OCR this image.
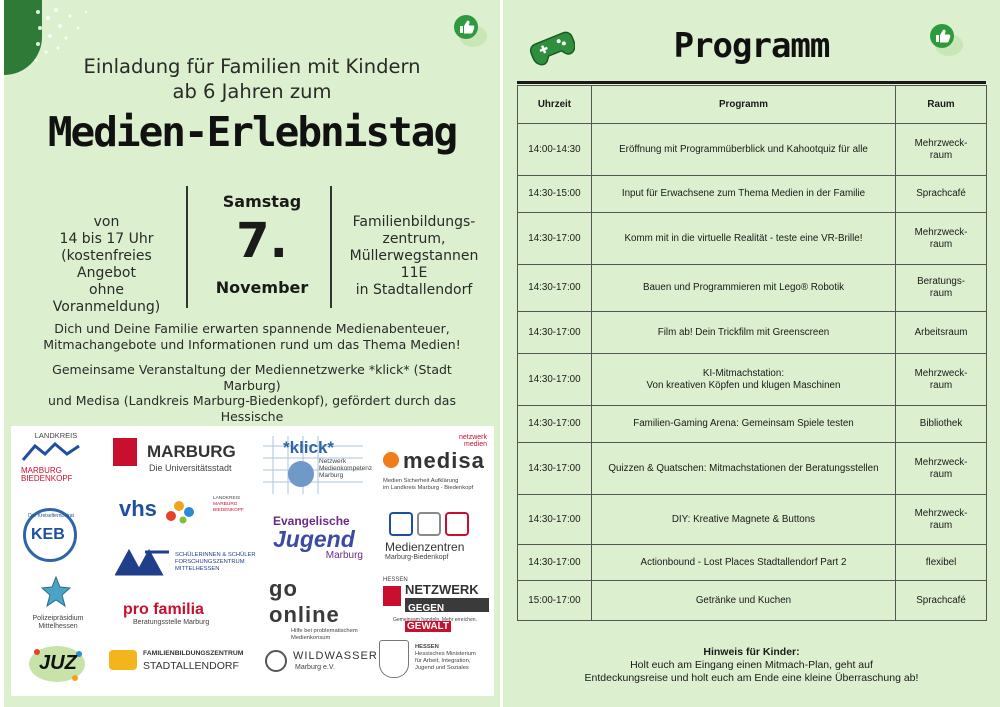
Einladung für Familien mit Kindern
ab 6 Jahren zum
Medien-Erlebnistag
von
14 bis 17 Uhr
(kostenfreies Angebot
ohne Voranmeldung)
Samstag
7.
November
Familienbildungs-
zentrum,
Müllerwegstannen 11E
in Stadtallendorf
Dich und Deine Familie erwarten spannende Medienabenteuer,
Mitmachangebote und Informationen rund um das Thema Medien!
Gemeinsame Veranstaltung der Mediennetzwerke *klick* (Stadt Marburg)
und Medisa (Landkreis Marburg-Biedenkopf), gefördert durch das Hessische
LANDKREIS
MARBURG
BIEDENKOPF
MARBURG
Die Universitätsstadt
*klick*
Netzwerk
Medienkompetenz
Marburg
netzwerk
medien
medisa
Medien Sicherheit Aufklärung
im Landkreis Marburg - Biedenkopf
KEB
Der Kreiselternbeirat vhs	LANDKREIS
MARBURG
BIEDENKOPF
Evangelische
Jugend
Marburg
Medienzentren
Marburg-Biedenkopf
SCHÜLERINNEN & SCHÜLER
FORSCHUNGSZENTRUM
MITTELHESSEN
Polizeipräsidium
Mittelhessen
pro familia
Beratungsstelle Marburg
go online
Hilfe bei problematischem
Medienkonsum
HESSEN
NETZWERK
GEGEN GEWALT
Gemeinsam handeln. Mehr erreichen.
JUZ	FAMILIENBILDUNGSZENTRUM
STADTALLENDORF
WILDWASSER
Marburg e.V.
HESSEN
Hessisches Ministerium
für Arbeit, Integration,
Jugend und Soziales
Programm
Uhrzeit	Programm	Raum
14:00-14:30	Eröffnung mit Programmüberblick und Kahootquiz für alle	Mehrzweck-
raum
14:30-15:00	Input für Erwachsene zum Thema Medien in der Familie	Sprachcafé
14:30-17:00	Komm mit in die virtuelle Realität - teste eine VR-Brille!	Mehrzweck-
raum
14:30-17:00	Bauen und Programmieren mit Lego® Robotik	Beratungs-
raum
14:30-17:00	Film ab! Dein Trickfilm mit Greenscreen	Arbeitsraum
14:30-17:00	KI-Mitmachstation:
Von kreativen Köpfen und klugen Maschinen	Mehrzweck-
raum
14:30-17:00	Familien-Gaming Arena: Gemeinsam Spiele testen	Bibliothek
14:30-17:00	Quizzen & Quatschen: Mitmachstationen der Beratungsstellen	Mehrzweck-
raum
14:30-17:00	DIY: Kreative Magnete & Buttons	Mehrzweck-
raum
14:30-17:00	Actionbound - Lost Places Stadtallendorf Part 2	flexibel
15:00-17:00	Getränke und Kuchen	Sprachcafé
Hinweis für Kinder:
Holt euch am Eingang einen Mitmach-Plan, geht auf
Entdeckungsreise und holt euch am Ende eine kleine Überraschung ab!
